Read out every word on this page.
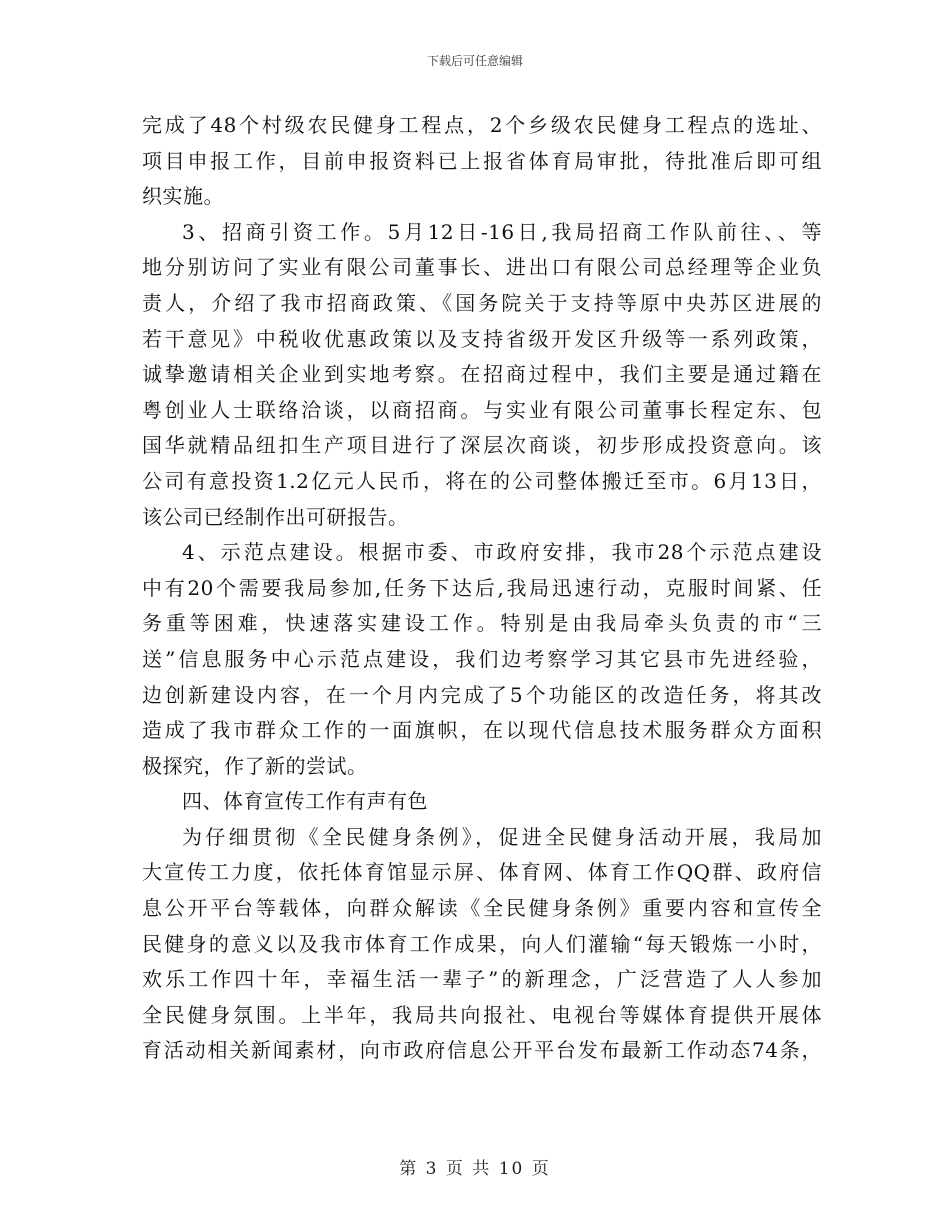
下载后可任意编辑
完成了48个村级农民健身工程点，2个乡级农民健身工程点的选址、
项目申报工作，目前申报资料已上报省体育局审批，待批准后即可组
织实施。
3、招商引资工作。5月12日-16日,我局招商工作队前往、、等
地分别访问了实业有限公司董事长、进出口有限公司总经理等企业负
责人，介绍了我市招商政策、《国务院关于支持等原中央苏区进展的
若干意见》中税收优惠政策以及支持省级开发区升级等一系列政策，
诚挚邀请相关企业到实地考察。在招商过程中，我们主要是通过籍在
粤创业人士联络洽谈，以商招商。与实业有限公司董事长程定东、包
国华就精品纽扣生产项目进行了深层次商谈，初步形成投资意向。该
公司有意投资1.2亿元人民币，将在的公司整体搬迁至市。6月13日，
该公司已经制作出可研报告。
4、示范点建设。根据市委、市政府安排，我市28个示范点建设
中有20个需要我局参加,任务下达后,我局迅速行动，克服时间紧、任
务重等困难，快速落实建设工作。特别是由我局牵头负责的市“三
送”信息服务中心示范点建设，我们边考察学习其它县市先进经验，
边创新建设内容，在一个月内完成了5个功能区的改造任务，将其改
造成了我市群众工作的一面旗帜，在以现代信息技术服务群众方面积
极探究，作了新的尝试。
四、体育宣传工作有声有色
为仔细贯彻《全民健身条例》，促进全民健身活动开展，我局加
大宣传工力度，依托体育馆显示屏、体育网、体育工作QQ群、政府信
息公开平台等载体，向群众解读《全民健身条例》重要内容和宣传全
民健身的意义以及我市体育工作成果，向人们灌输“每天锻炼一小时，
欢乐工作四十年，幸福生活一辈子”的新理念，广泛营造了人人参加
全民健身氛围。上半年，我局共向报社、电视台等媒体育提供开展体
育活动相关新闻素材，向市政府信息公开平台发布最新工作动态74条，
第 3 页 共 10 页
